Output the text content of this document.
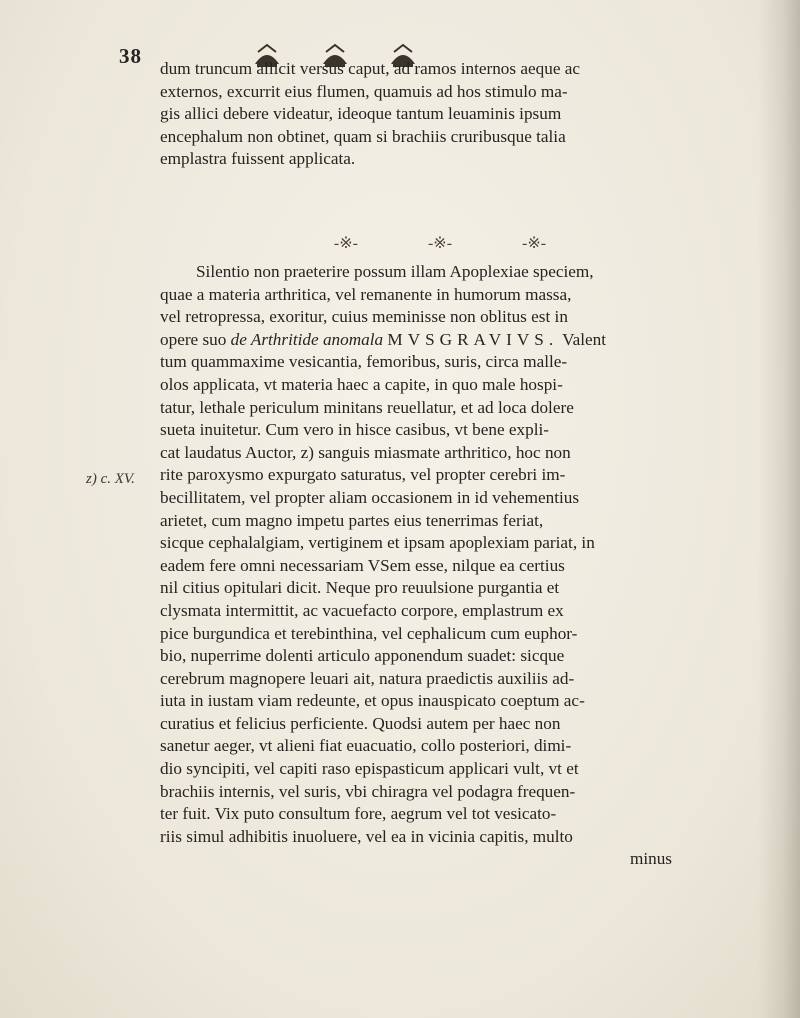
38
dum truncum allicit versus caput, ad ramos internos aeque ac
externos, excurrit eius flumen, quamuis ad hos stimulo ma-
gis allici debere videatur, ideoque tantum leuaminis ipsum
encephalum non obtinet, quam si brachiis cruribusque talia
emplastra fuissent applicata.
-※-	-※-	-※-
z) c. XV.
Silentio non praeterire possum illam Apoplexiae speciem,
quae a materia arthritica, vel remanente in humorum massa,
vel retropressa, exoritur, cuius meminisse non oblitus est in
opere suo de Arthritide anomala MVSGRAVIVS. Valent
tum quammaxime vesicantia, femoribus, suris, circa malle-
olos applicata, vt materia haec a capite, in quo male hospi-
tatur, lethale periculum minitans reuellatur, et ad loca dolere
sueta inuitetur. Cum vero in hisce casibus, vt bene expli-
cat laudatus Auctor, z) sanguis miasmate arthritico, hoc non
rite paroxysmo expurgato saturatus, vel propter cerebri im-
becillitatem, vel propter aliam occasionem in id vehementius
arietet, cum magno impetu partes eius tenerrimas feriat,
sicque cephalalgiam, vertiginem et ipsam apoplexiam pariat, in
eadem fere omni necessariam VSem esse, nilque ea certius
nil citius opitulari dicit. Neque pro reuulsione purgantia et
clysmata intermittit, ac vacuefacto corpore, emplastrum ex
pice burgundica et terebinthina, vel cephalicum cum euphor-
bio, nuperrime dolenti articulo apponendum suadet: sicque
cerebrum magnopere leuari ait, natura praedictis auxiliis ad-
iuta in iustam viam redeunte, et opus inauspicato coeptum ac-
curatius et felicius perficiente. Quodsi autem per haec non
sanetur aeger, vt alieni fiat euacuatio, collo posteriori, dimi-
dio syncipiti, vel capiti raso epispasticum applicari vult, vt et
brachiis internis, vel suris, vbi chiragra vel podagra frequen-
ter fuit. Vix puto consultum fore, aegrum vel tot vesicato-
riis simul adhibitis inuoluere, vel ea in vicinia capitis, multo
minus
